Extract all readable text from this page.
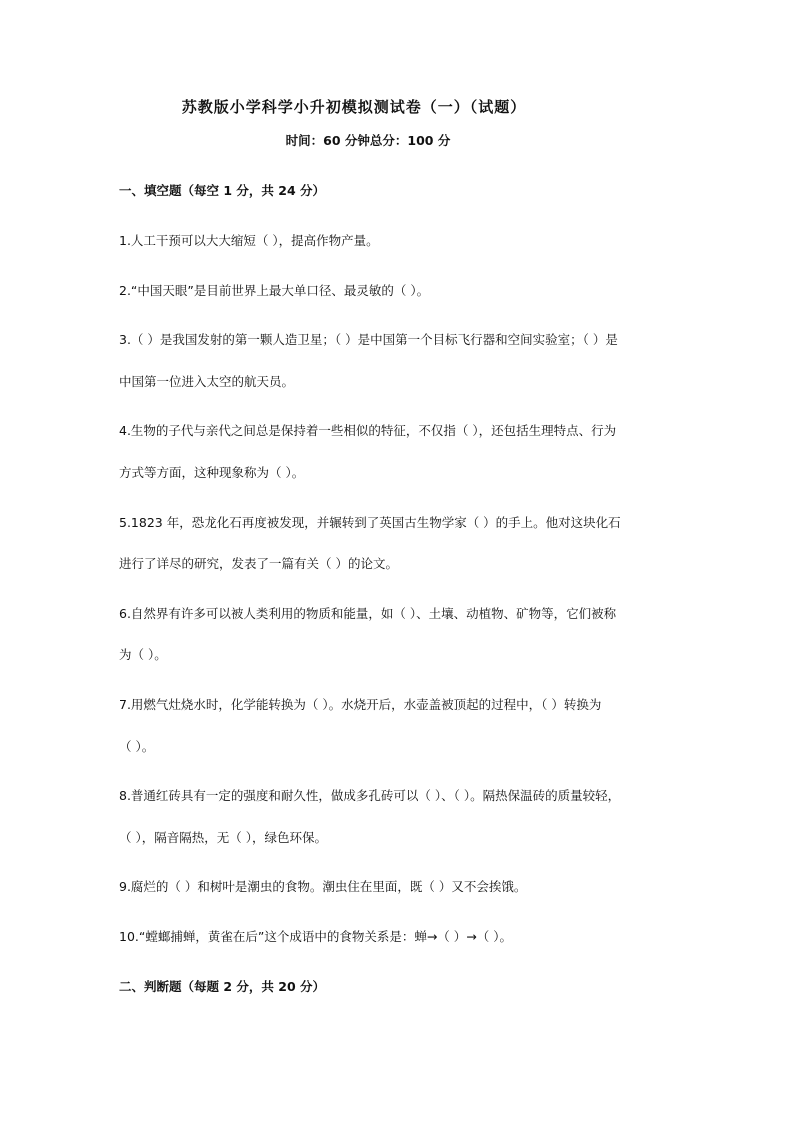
苏教版小学科学小升初模拟测试卷（一）（试题）
时间：60 分钟总分：100 分
一、填空题（每空 1 分，共 24 分）
1.人工干预可以大大缩短（ ），提高作物产量。
2.“中国天眼”是目前世界上最大单口径、最灵敏的（ ）。
3.（ ）是我国发射的第一颗人造卫星；（ ）是中国第一个目标飞行器和空间实验室；（ ）是
中国第一位进入太空的航天员。
4.生物的子代与亲代之间总是保持着一些相似的特征，不仅指（ ），还包括生理特点、行为
方式等方面，这种现象称为（ ）。
5.1823 年，恐龙化石再度被发现，并辗转到了英国古生物学家（ ）的手上。他对这块化石
进行了详尽的研究，发表了一篇有关（ ）的论文。
6.自然界有许多可以被人类利用的物质和能量，如（ ）、土壤、动植物、矿物等，它们被称
为（ ）。
7.用燃气灶烧水时，化学能转换为（ ）。水烧开后，水壶盖被顶起的过程中，（ ）转换为
（ ）。
8.普通红砖具有一定的强度和耐久性，做成多孔砖可以（ ）、（ ）。隔热保温砖的质量较轻，
（ ），隔音隔热，无（ ），绿色环保。
9.腐烂的（ ）和树叶是潮虫的食物。潮虫住在里面，既（ ）又不会挨饿。
10.“螳螂捕蝉，黄雀在后”这个成语中的食物关系是：蝉→（ ）→（ ）。
二、判断题（每题 2 分，共 20 分）
